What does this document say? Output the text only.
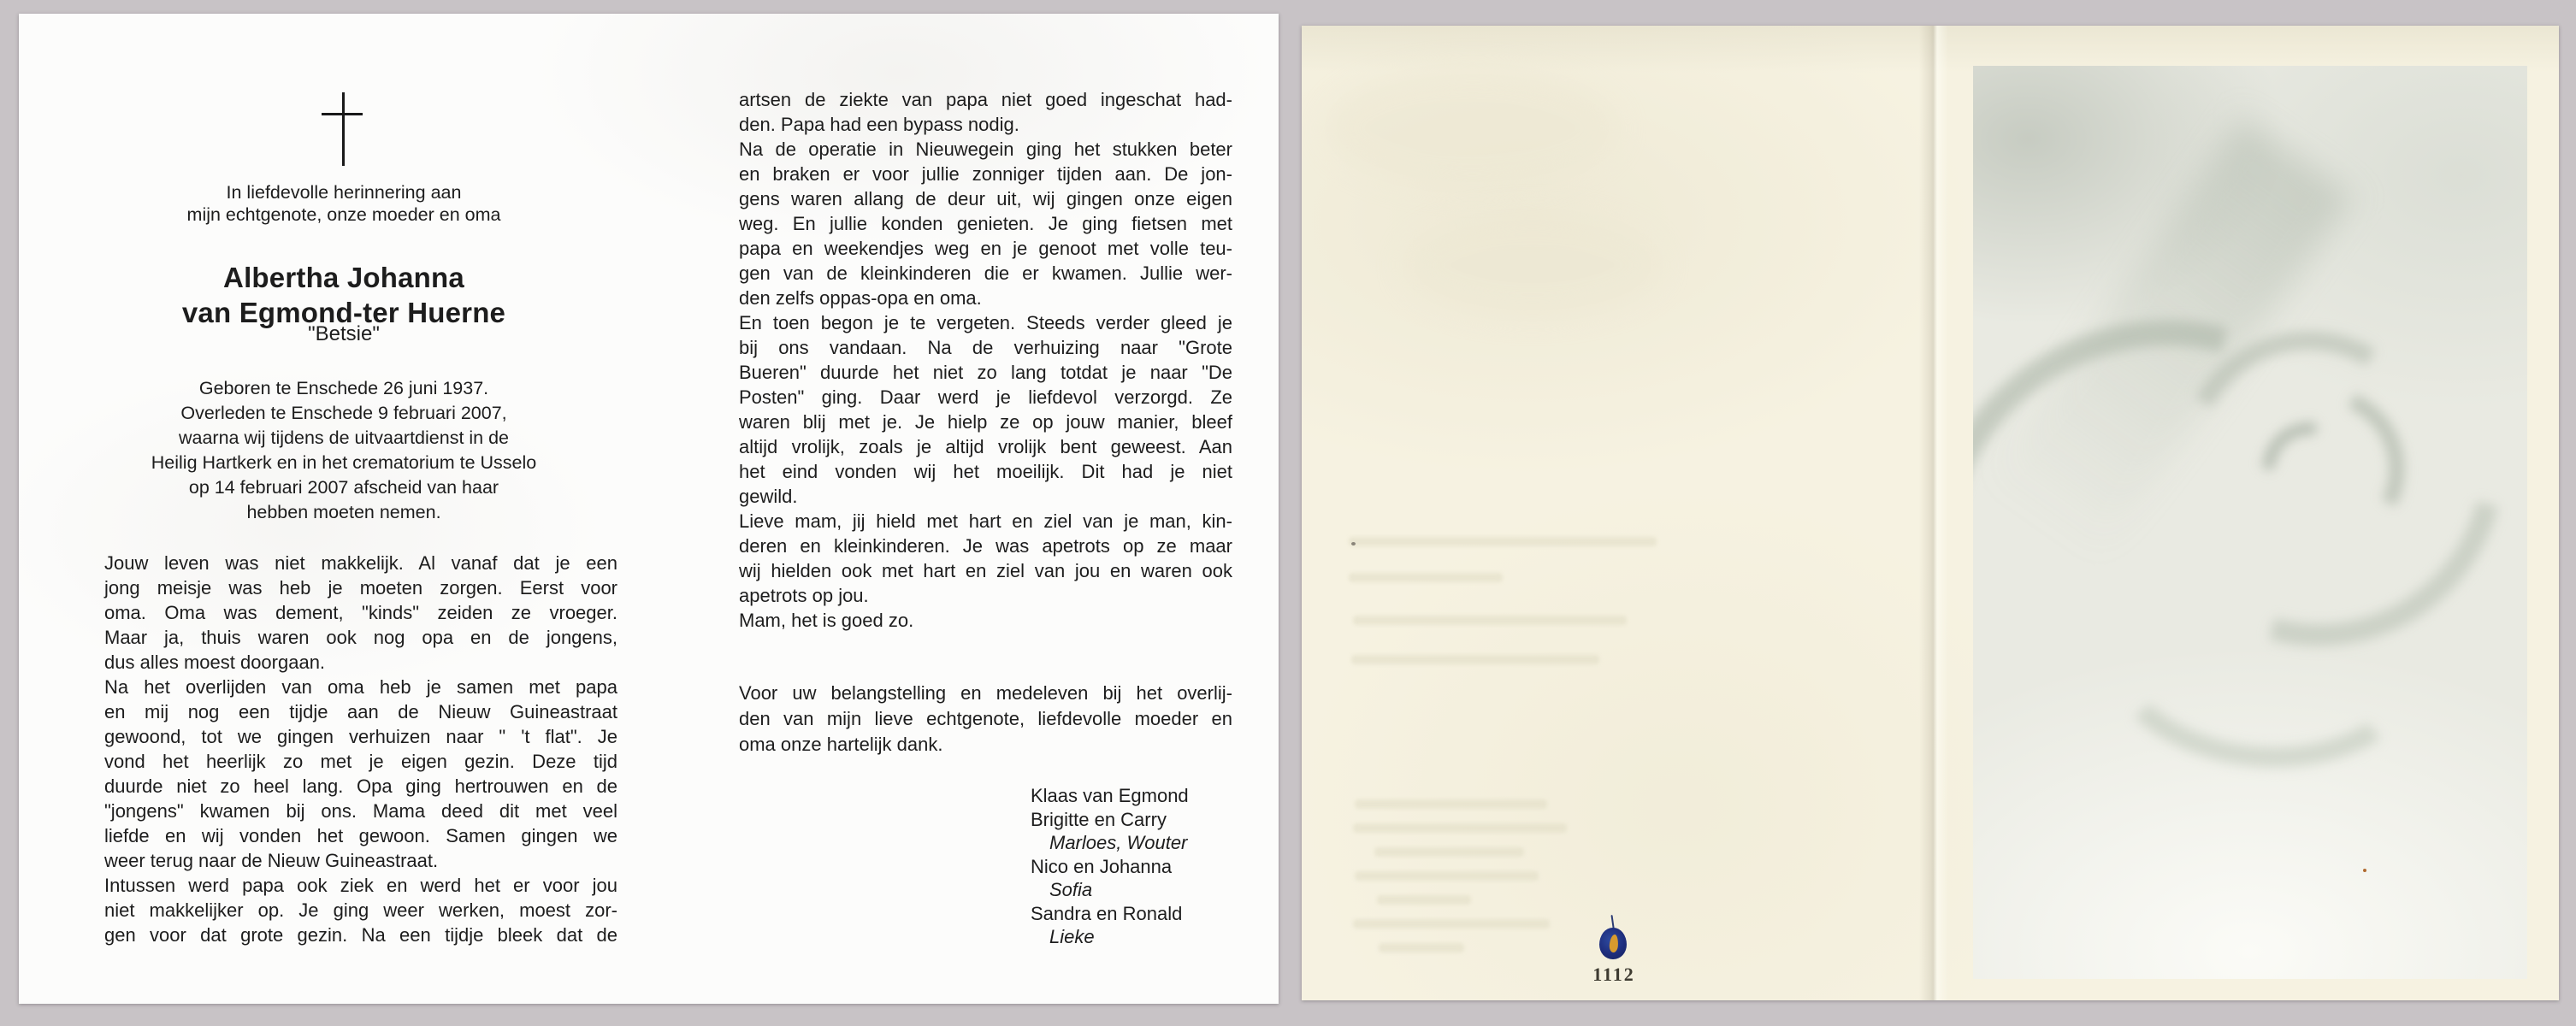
In liefdevolle herinnering aan
mijn echtgenote, onze moeder en oma
Albertha Johanna
van Egmond-ter Huerne
"Betsie"
Geboren te Enschede 26 juni 1937.
Overleden te Enschede 9 februari 2007,
waarna wij tijdens de uitvaartdienst in de
Heilig Hartkerk en in het crematorium te Usselo
op 14 februari 2007 afscheid van haar
hebben moeten nemen.
Jouw leven was niet makkelijk. Al vanaf dat je een
jong meisje was heb je moeten zorgen. Eerst voor
oma. Oma was dement, "kinds" zeiden ze vroeger.
Maar ja, thuis waren ook nog opa en de jongens,
dus alles moest doorgaan.
Na het overlijden van oma heb je samen met papa
en mij nog een tijdje aan de Nieuw Guineastraat
gewoond, tot we gingen verhuizen naar " 't flat". Je
vond het heerlijk zo met je eigen gezin. Deze tijd
duurde niet zo heel lang. Opa ging hertrouwen en de
"jongens" kwamen bij ons. Mama deed dit met veel
liefde en wij vonden het gewoon. Samen gingen we
weer terug naar de Nieuw Guineastraat.
Intussen werd papa ook ziek en werd het er voor jou
niet makkelijker op. Je ging weer werken, moest zor-
gen voor dat grote gezin. Na een tijdje bleek dat de
artsen de ziekte van papa niet goed ingeschat had-
den. Papa had een bypass nodig.
Na de operatie in Nieuwegein ging het stukken beter
en braken er voor jullie zonniger tijden aan. De jon-
gens waren allang de deur uit, wij gingen onze eigen
weg. En jullie konden genieten. Je ging fietsen met
papa en weekendjes weg en je genoot met volle teu-
gen van de kleinkinderen die er kwamen. Jullie wer-
den zelfs oppas-opa en oma.
En toen begon je te vergeten. Steeds verder gleed je
bij ons vandaan. Na de verhuizing naar "Grote
Bueren" duurde het niet zo lang totdat je naar "De
Posten" ging. Daar werd je liefdevol verzorgd. Ze
waren blij met je. Je hielp ze op jouw manier, bleef
altijd vrolijk, zoals je altijd vrolijk bent geweest. Aan
het eind vonden wij het moeilijk. Dit had je niet
gewild.
Lieve mam, jij hield met hart en ziel van je man, kin-
deren en kleinkinderen. Je was apetrots op ze maar
wij hielden ook met hart en ziel van jou en waren ook
apetrots op jou.
Mam, het is goed zo.
Voor uw belangstelling en medeleven bij het overlij-
den van mijn lieve echtgenote, liefdevolle moeder en
oma onze hartelijk dank.
Klaas van Egmond
Brigitte en Carry
Marloes, Wouter
Nico en Johanna
Sofia
Sandra en Ronald
Lieke
1112
